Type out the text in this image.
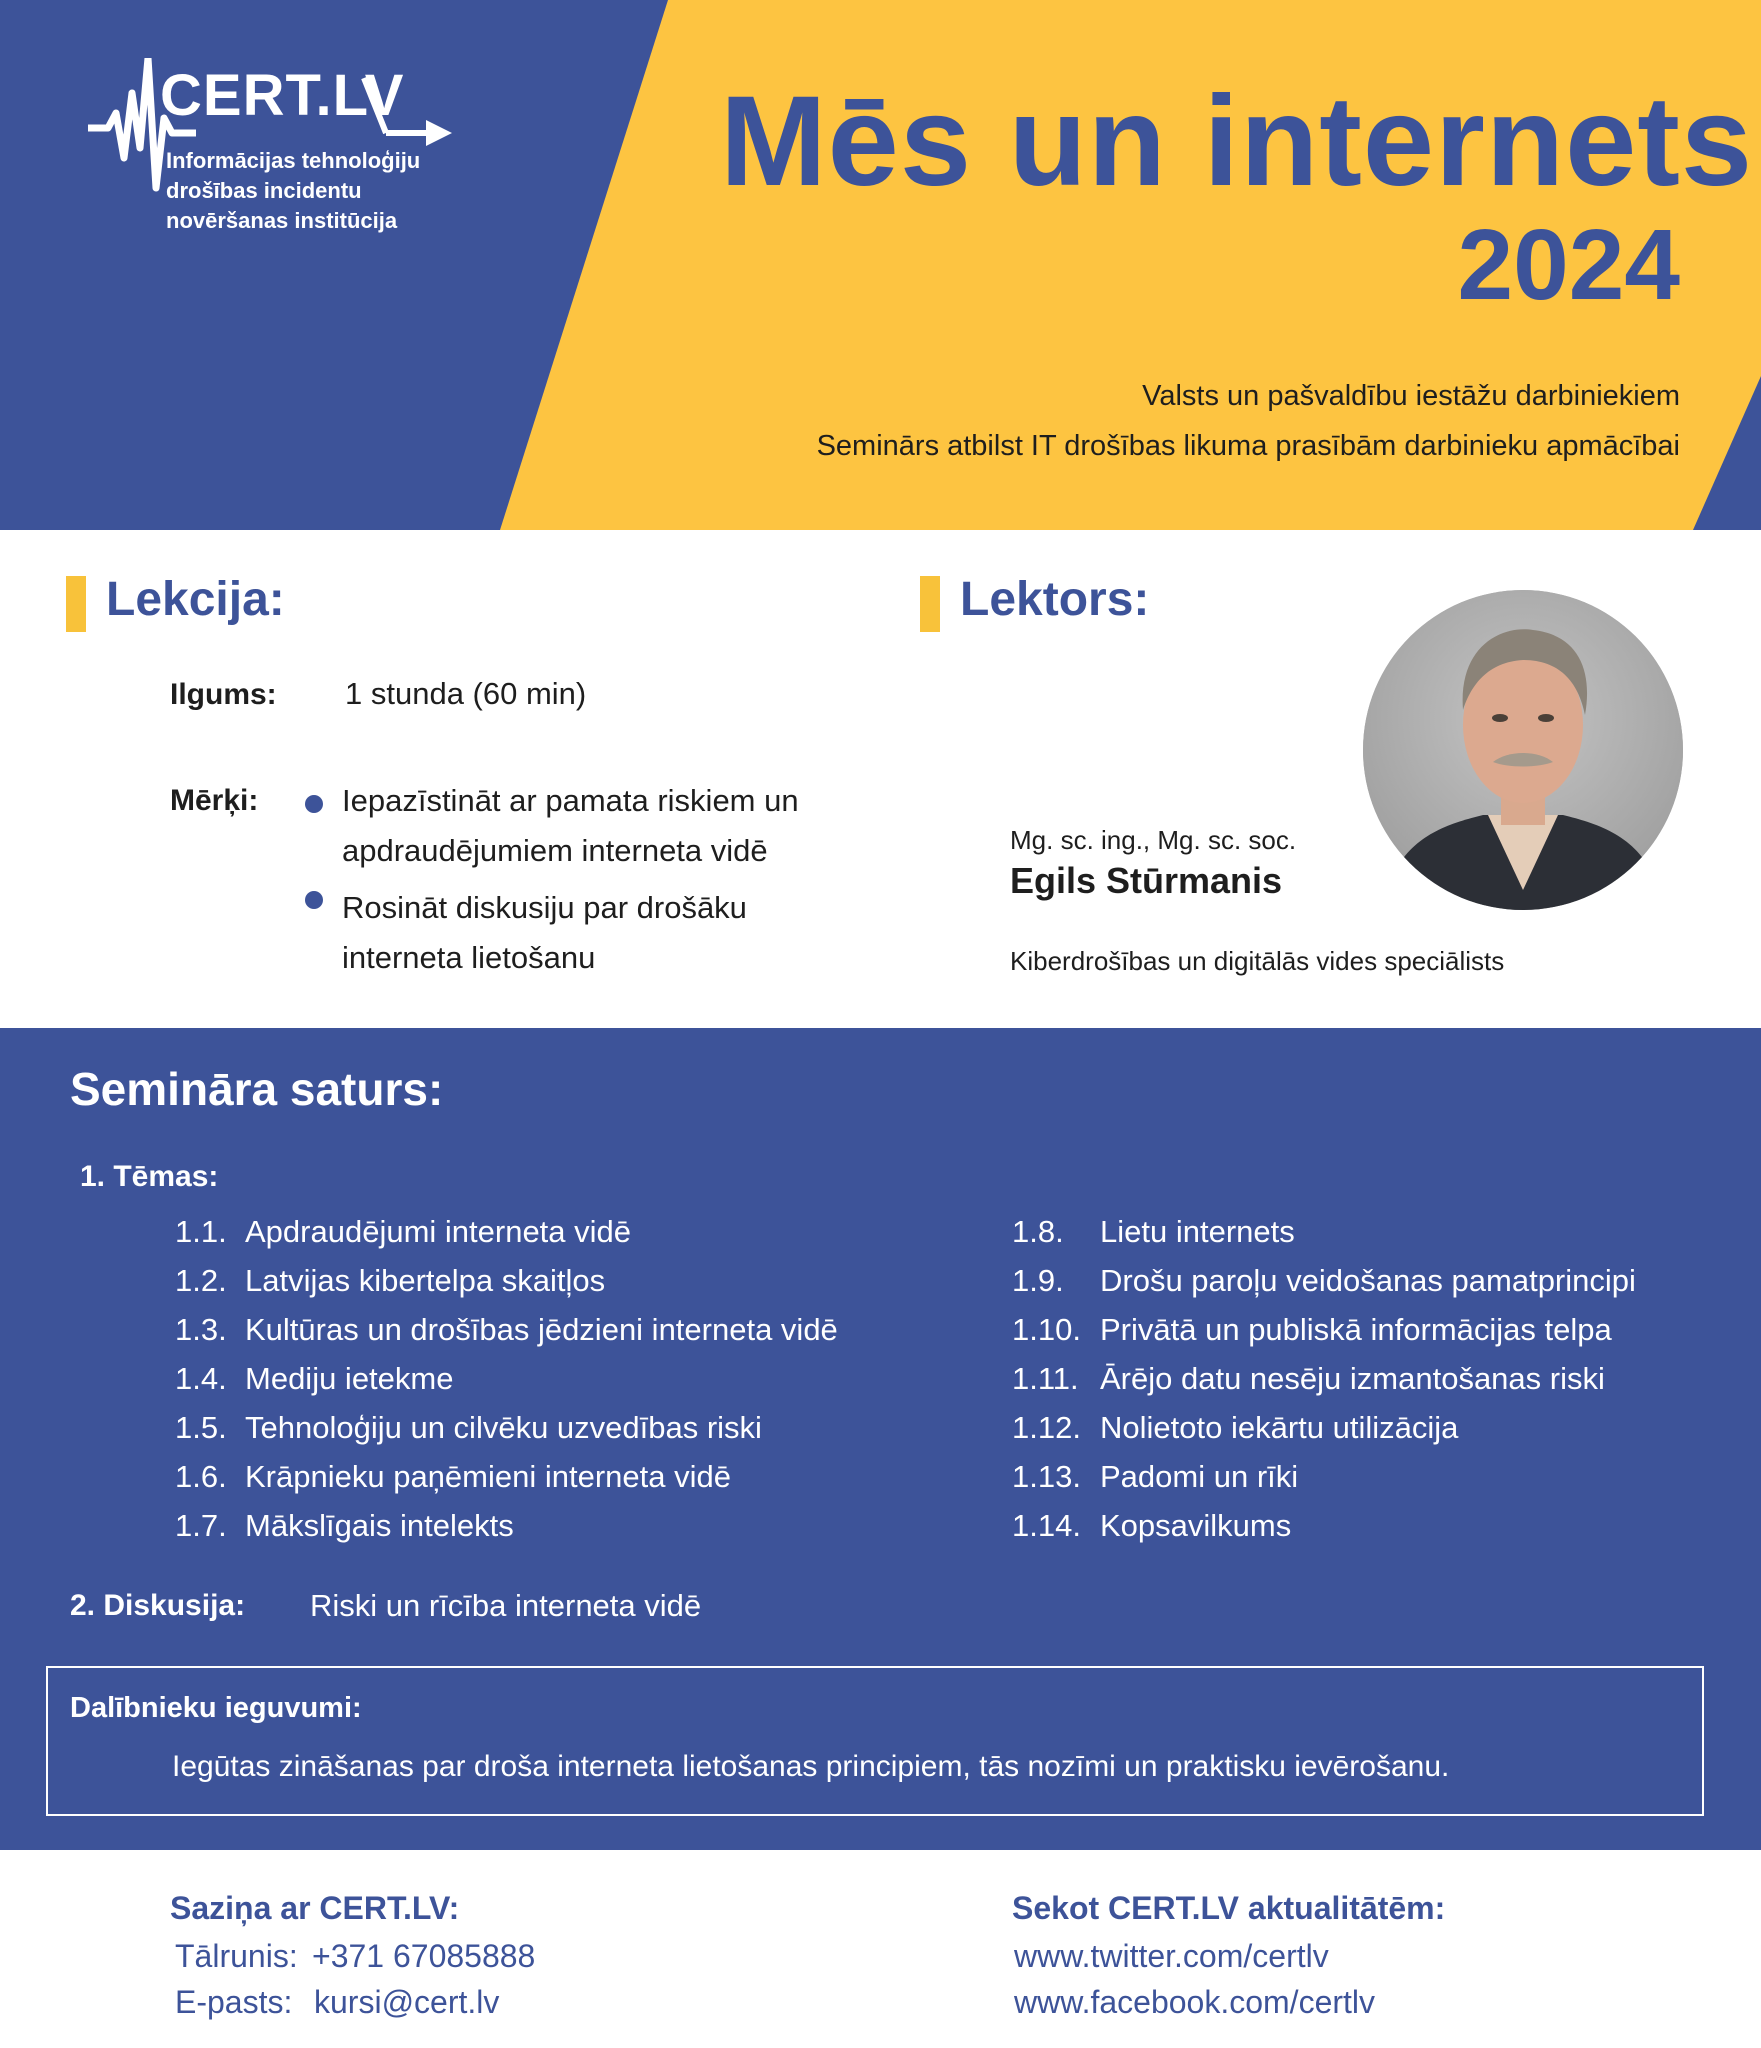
CERT.LV
Informācijas tehnoloģiju
drošības incidentu
novēršanas institūcija
Mēs un internets
2024
Valsts un pašvaldību iestāžu darbiniekiem
Seminārs atbilst IT drošības likuma prasībām darbinieku apmācībai
Lekcija:
Ilgums: 1 stunda (60 min)
Mērķi:	Iepazīstināt ar pamata riskiem un
apdraudējumiem interneta vidē
Rosināt diskusiju par drošāku
interneta lietošanu
Lektors:
Mg. sc. ing., Mg. sc. soc.
Egils Stūrmanis
Kiberdrošības un digitālās vides speciālists
Semināra saturs:
1. Tēmas:
1.1. Apdraudējumi interneta vidē
1.2. Latvijas kibertelpa skaitļos
1.3. Kultūras un drošības jēdzieni interneta vidē
1.4. Mediju ietekme
1.5. Tehnoloģiju un cilvēku uzvedības riski
1.6. Krāpnieku paņēmieni interneta vidē
1.7. Mākslīgais intelekts
1.8. Lietu internets
1.9. Drošu paroļu veidošanas pamatprincipi
1.10. Privātā un publiskā informācijas telpa
1.11. Ārējo datu nesēju izmantošanas riski
1.12. Nolietoto iekārtu utilizācija
1.13. Padomi un rīki
1.14. Kopsavilkums
2. Diskusija: Riski un rīcība interneta vidē
Dalībnieku ieguvumi:
Iegūtas zināšanas par droša interneta lietošanas principiem, tās nozīmi un praktisku ievērošanu.
Saziņa ar CERT.LV:
Tālrunis: +371 67085888
E-pasts: kursi@cert.lv
Sekot CERT.LV aktualitātēm:
www.twitter.com/certlv
www.facebook.com/certlv
